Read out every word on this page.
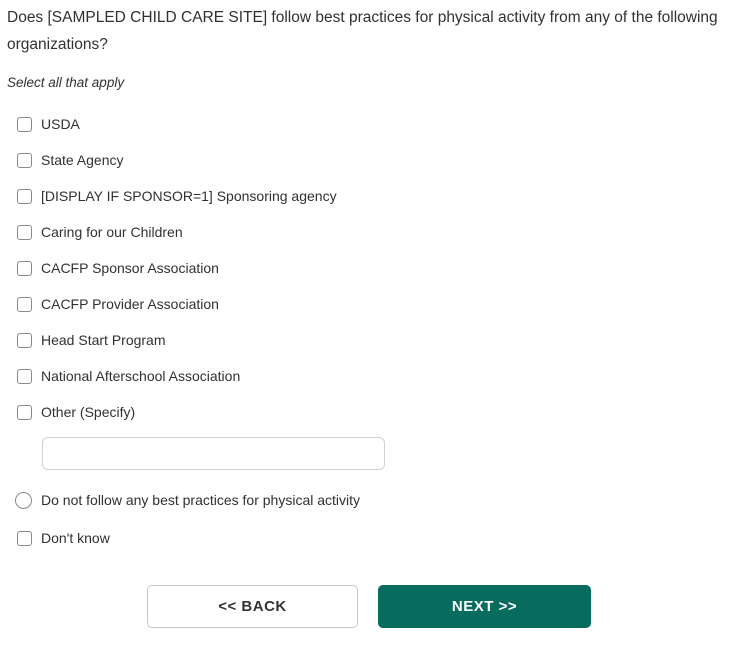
Does [SAMPLED CHILD CARE SITE] follow best practices for physical activity from any of the following organizations?
Select all that apply
USDA
State Agency
[DISPLAY IF SPONSOR=1] Sponsoring agency
Caring for our Children
CACFP Sponsor Association
CACFP Provider Association
Head Start Program
National Afterschool Association
Other (Specify)
Do not follow any best practices for physical activity
Don't know
<< BACK	NEXT >>
